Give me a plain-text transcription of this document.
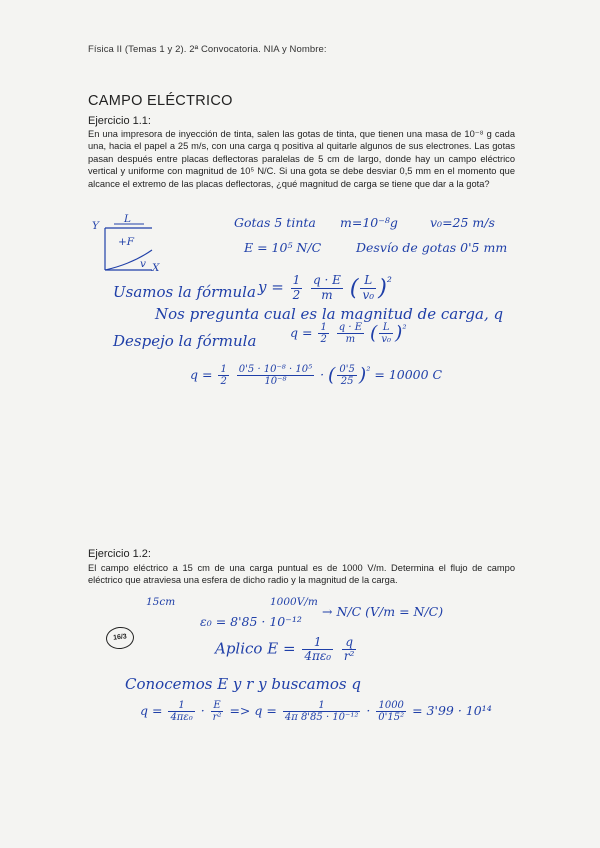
Física II (Temas 1 y 2). 2ª Convocatoria. NIA y Nombre:
CAMPO ELÉCTRICO
Ejercicio 1.1:
En una impresora de inyección de tinta, salen las gotas de tinta, que tienen una masa de 10⁻⁸ g cada una, hacia el papel a 25 m/s, con una carga q positiva al quitarle algunos de sus electrones. Las gotas pasan después entre placas deflectoras paralelas de 5 cm de largo, donde hay un campo eléctrico vertical y uniforme con magnitud de 10⁵ N/C. Si una gota se debe desviar 0,5 mm en el momento que alcance el extremo de las placas deflectoras, ¿qué magnitud de carga se tiene que dar a la gota?
Y
L
+F
v X
Gotas 5 tinta m=10⁻⁸g	v₀=25 m/s
E = 10⁵ N/C	Desvío de gotas 0'5 mm
Usamos la fórmula $y = \frac{1}{2}$
$\frac{q \cdot E}{m}$ ( $\frac{L}{\text{v₀}} )^{^2}$
Nos pregunta cual es la magnitud de carga, q
Despejo la fórmula	$q = \frac{1}{2}$
$\frac{q \cdot E}{m}$ ( $\frac{L}{\text{v₀}} )^{^2}$
$q = \frac{1}{2}$
$\frac{\text{0'5 · 10⁻⁸ · 10⁵}}{\text{10⁻⁸}}$ · ( $\frac{0'5}{25} )^{^2} = 10000$ C
Ejercicio 1.2:
El campo eléctrico a 15 cm de una carga puntual es de 1000 V/m. Determina el flujo de campo eléctrico que atraviesa una esfera de dicho radio y la magnitud de la carga.
15cm	1000V/m
→ N/C (V/m = N/C)
16/3
ε₀ = 8'85 · 10⁻¹²
Aplico $E = \frac{1}{\text{4πε₀}}$
$\frac{q}{\text{r²}}$
Conocemos E y r y buscamos q
$q = \frac{1}{\text{4πε₀}} \cdot \frac{E}{\text{r²}} => q = \frac{1}{\text{4π 8'85 · 10⁻¹²}} \cdot \frac{1000}{\text{0'15²}} = 3'99 \cdot 10^{14}$
